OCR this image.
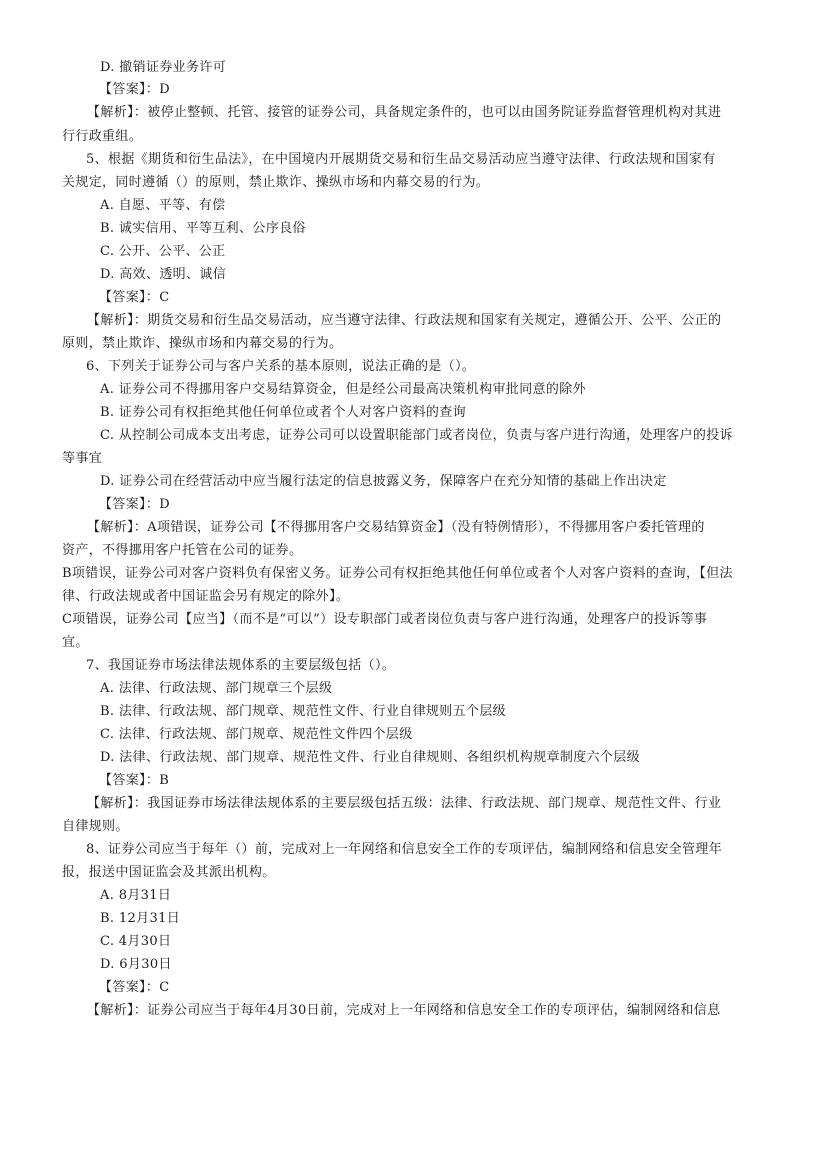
D. 撤销证券业务许可
【答案】：D
【解析】：被停止整顿、托管、接管的证券公司，具备规定条件的，也可以由国务院证券监督管理机构对其进
行行政重组。
5、根据《期货和衍生品法》，在中国境内开展期货交易和衍生品交易活动应当遵守法律、行政法规和国家有
关规定，同时遵循（）的原则，禁止欺诈、操纵市场和内幕交易的行为。
A. 自愿、平等、有偿
B. 诚实信用、平等互利、公序良俗
C. 公开、公平、公正
D. 高效、透明、诚信
【答案】：C
【解析】：期货交易和衍生品交易活动，应当遵守法律、行政法规和国家有关规定，遵循公开、公平、公正的
原则，禁止欺诈、操纵市场和内幕交易的行为。
6、下列关于证券公司与客户关系的基本原则，说法正确的是（）。
A. 证券公司不得挪用客户交易结算资金，但是经公司最高决策机构审批同意的除外
B. 证券公司有权拒绝其他任何单位或者个人对客户资料的查询
C. 从控制公司成本支出考虑，证券公司可以设置职能部门或者岗位，负责与客户进行沟通，处理客户的投诉
等事宜
D. 证券公司在经营活动中应当履行法定的信息披露义务，保障客户在充分知情的基础上作出决定
【答案】：D
【解析】：A项错误，证券公司【不得挪用客户交易结算资金】（没有特例情形），不得挪用客户委托管理的
资产，不得挪用客户托管在公司的证券。
B项错误，证券公司对客户资料负有保密义务。证券公司有权拒绝其他任何单位或者个人对客户资料的查询，【但法
律、行政法规或者中国证监会另有规定的除外】。
C项错误，证券公司【应当】（而不是“可以”）设专职部门或者岗位负责与客户进行沟通，处理客户的投诉等事
宜。
7、我国证券市场法律法规体系的主要层级包括（）。
A. 法律、行政法规、部门规章三个层级
B. 法律、行政法规、部门规章、规范性文件、行业自律规则五个层级
C. 法律、行政法规、部门规章、规范性文件四个层级
D. 法律、行政法规、部门规章、规范性文件、行业自律规则、各组织机构规章制度六个层级
【答案】：B
【解析】：我国证券市场法律法规体系的主要层级包括五级：法律、行政法规、部门规章、规范性文件、行业
自律规则。
8、证券公司应当于每年（）前，完成对上一年网络和信息安全工作的专项评估，编制网络和信息安全管理年
报，报送中国证监会及其派出机构。
A. 8月31日
B. 12月31日
C. 4月30日
D. 6月30日
【答案】：C
【解析】：证券公司应当于每年4月30日前，完成对上一年网络和信息安全工作的专项评估，编制网络和信息
